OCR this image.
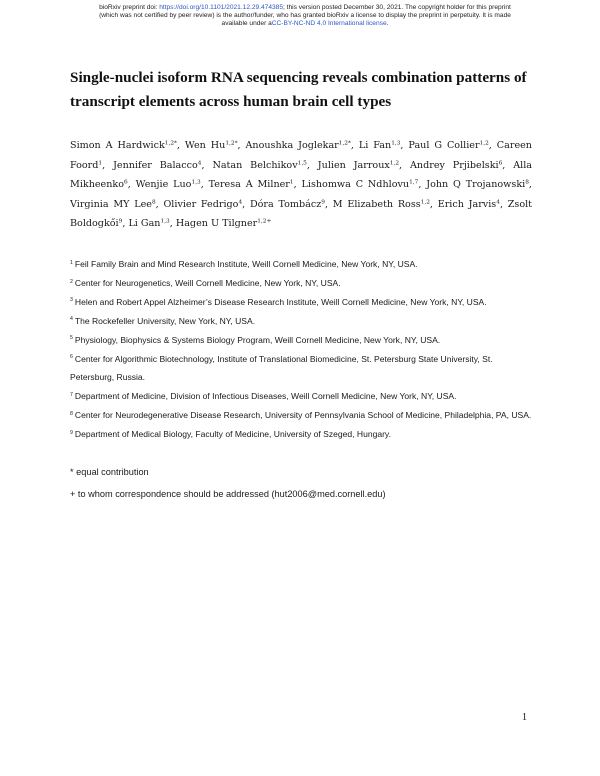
bioRxiv preprint doi: https://doi.org/10.1101/2021.12.29.474385; this version posted December 30, 2021. The copyright holder for this preprint
(which was not certified by peer review) is the author/funder, who has granted bioRxiv a license to display the preprint in perpetuity. It is made
available under aCC-BY-NC-ND 4.0 International license.
Single-nuclei isoform RNA sequencing reveals combination patterns of transcript elements across human brain cell types
Simon A Hardwick$^{1,2*}$, Wen $Hu^{1,2*}$, Anoushka Joglekar$^{1,2*}$, Li Fan$^{1,3}$, Paul G Collier$^{1,2}$, Careen Foord$^1$, Jennifer Balacco$^4$, Natan Belchikov$^{1,5}$, Julien Jarroux$^{1,2}$, Andrey Prjibelski$^6$, Alla Mikheenko$^6$, Wenjie Luo$^{1,3}$, Teresa A Milner$^1$, Lishomwa C Ndhlovu$^{1,7}$, John Q Trojanowski$^8$, Virginia MY Lee$^8$, Olivier Fedrigo$^4$, Dóra Tombácz$^9$, M Elizabeth Ross$^{1,2}$, Erich Jarvis$^4$, Zsolt Boldogkői$^9$, Li Gan$^{1,3}$, Hagen U Tilgner$^{1,2+}$
$^1$ Feil Family Brain and Mind Research Institute, Weill Cornell Medicine, New York, NY, USA.
$^2$ Center for Neurogenetics, Weill Cornell Medicine, New York, NY, USA.
$^3$ Helen and Robert Appel Alzheimer’s Disease Research Institute, Weill Cornell Medicine, New York, NY, USA.
$^4$ The Rockefeller University, New York, NY, USA.
$^5$ Physiology, Biophysics & Systems Biology Program, Weill Cornell Medicine, New York, NY, USA.
$^6$ Center for Algorithmic Biotechnology, Institute of Translational Biomedicine, St. Petersburg State University, St. Petersburg, Russia.
$^7$ Department of Medicine, Division of Infectious Diseases, Weill Cornell Medicine, New York, NY, USA.
$^8$ Center for Neurodegenerative Disease Research, University of Pennsylvania School of Medicine, Philadelphia, PA, USA.
$^9$ Department of Medical Biology, Faculty of Medicine, University of Szeged, Hungary.
* equal contribution
+ to whom correspondence should be addressed (hut2006@med.cornell.edu)
1
